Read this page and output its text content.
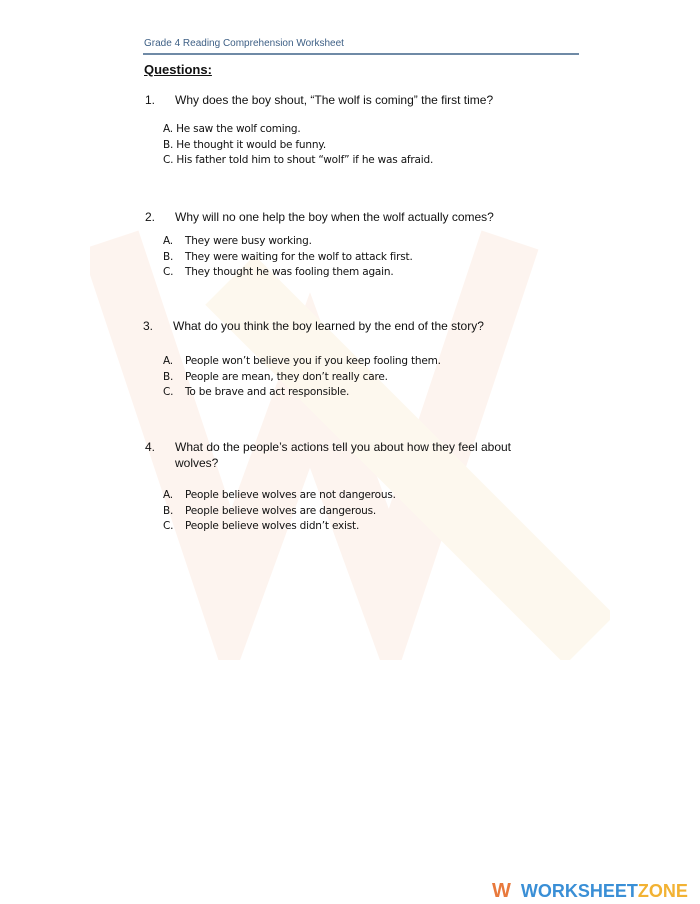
Grade 4 Reading Comprehension Worksheet
Questions:
1. Why does the boy shout, “The wolf is coming” the first time?
A. He saw the wolf coming.
B. He thought it would be funny.
C. His father told him to shout “wolf” if he was afraid.
2. Why will no one help the boy when the wolf actually comes?
A. They were busy working.
B. They were waiting for the wolf to attack first.
C. They thought he was fooling them again.
3. What do you think the boy learned by the end of the story?
A. People won’t believe you if you keep fooling them.
B. People are mean, they don’t really care.
C. To be brave and act responsible.
4. What do the people’s actions tell you about how they feel about wolves?
A. People believe wolves are not dangerous.
B. People believe wolves are dangerous.
C. People believe wolves didn’t exist.
W WORKSHEET ZONE
